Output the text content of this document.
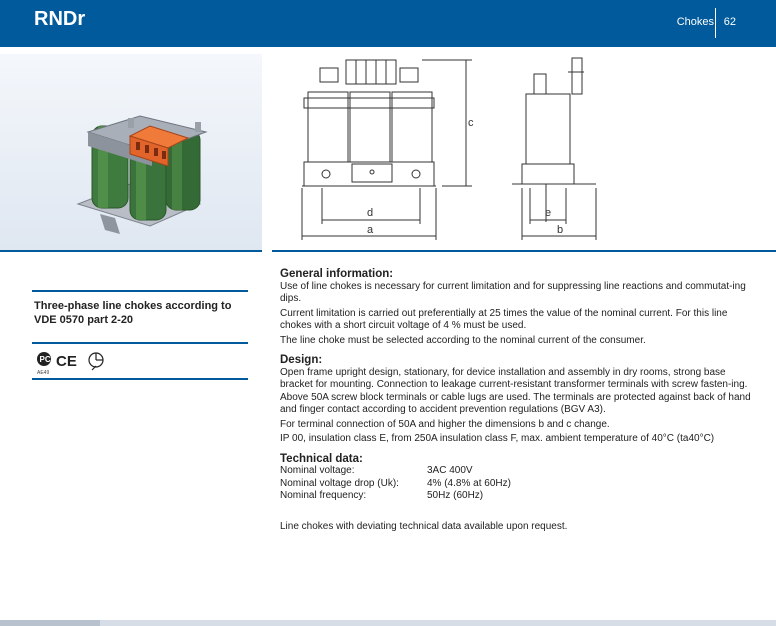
RNDr	Chokes 62
c
d
a
e
b
Three-phase line chokes according to VDE 0570 part 2-20
PC
AE49
CE
General information:

Use of line chokes is necessary for current limitation and for suppressing line reactions and commutat-ing dips.

Current limitation is carried out preferentially at 25 times the value of the nominal current. For this line chokes with a short circuit voltage of 4 % must be used.

The line choke must be selected according to the nominal current of the consumer.

Design:

Open frame upright design, stationary, for device installation and assembly in dry rooms, strong base bracket for mounting. Connection to leakage current-resistant transformer terminals with screw fasten-ing. Above 50A screw block terminals or cable lugs are used. The terminals are protected against back of hand and finger contact according to accident prevention regulations (BGV A3).

For terminal connection of 50A and higher the dimensions b and c change.

IP 00, insulation class E, from 250A insulation class F, max. ambient temperature of 40°C (ta40°C)

Technical data:
Nominal voltage:	3AC 400V
Nominal voltage drop (Uk):	4% (4.8% at 60Hz)
Nominal frequency:	50Hz (60Hz)

Line chokes with deviating technical data available upon request.
